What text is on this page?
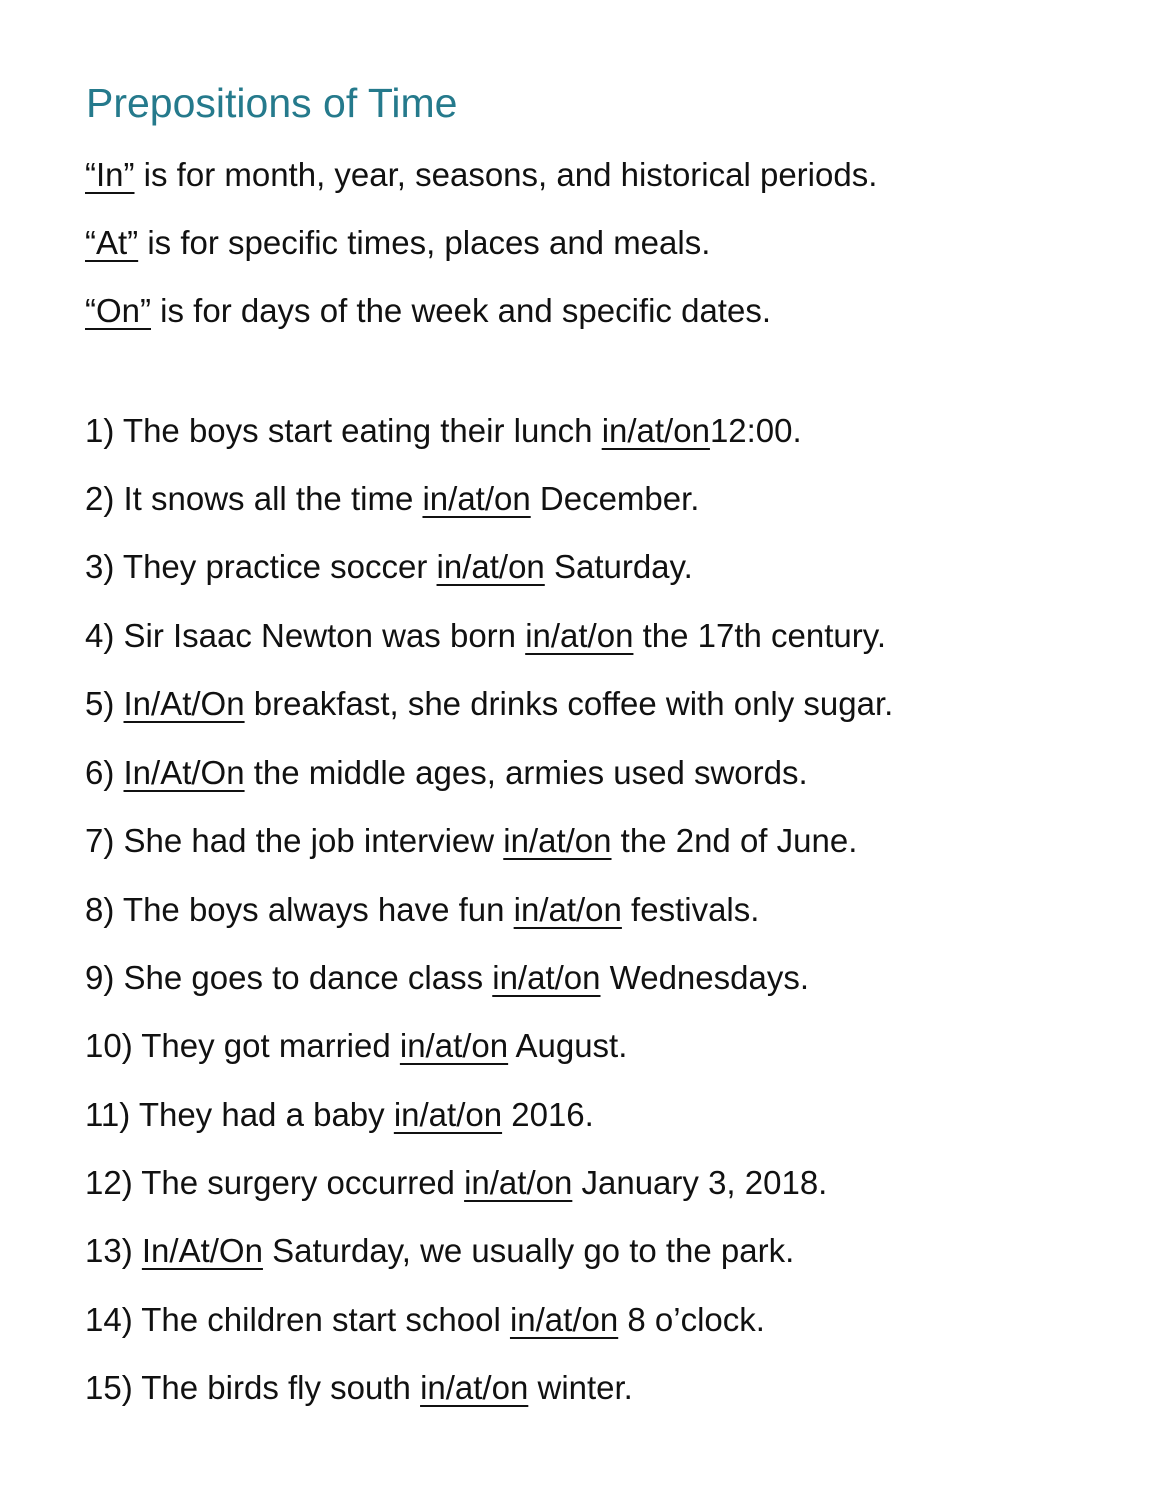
Prepositions of Time

“In” is for month, year, seasons, and historical periods.

“At” is for specific times, places and meals.

“On” is for days of the week and specific dates.

1) The boys start eating their lunch in/at/on12:00.

2) It snows all the time in/at/on December.

3) They practice soccer in/at/on Saturday.

4) Sir Isaac Newton was born in/at/on the 17th century.

5) In/At/On breakfast, she drinks coffee with only sugar.

6) In/At/On the middle ages, armies used swords.

7) She had the job interview in/at/on the 2nd of June.

8) The boys always have fun in/at/on festivals.

9) She goes to dance class in/at/on Wednesdays.

10) They got married in/at/on August.

11) They had a baby in/at/on 2016.

12) The surgery occurred in/at/on January 3, 2018.

13) In/At/On Saturday, we usually go to the park.

14) The children start school in/at/on 8 o’clock.

15) The birds fly south in/at/on winter.
